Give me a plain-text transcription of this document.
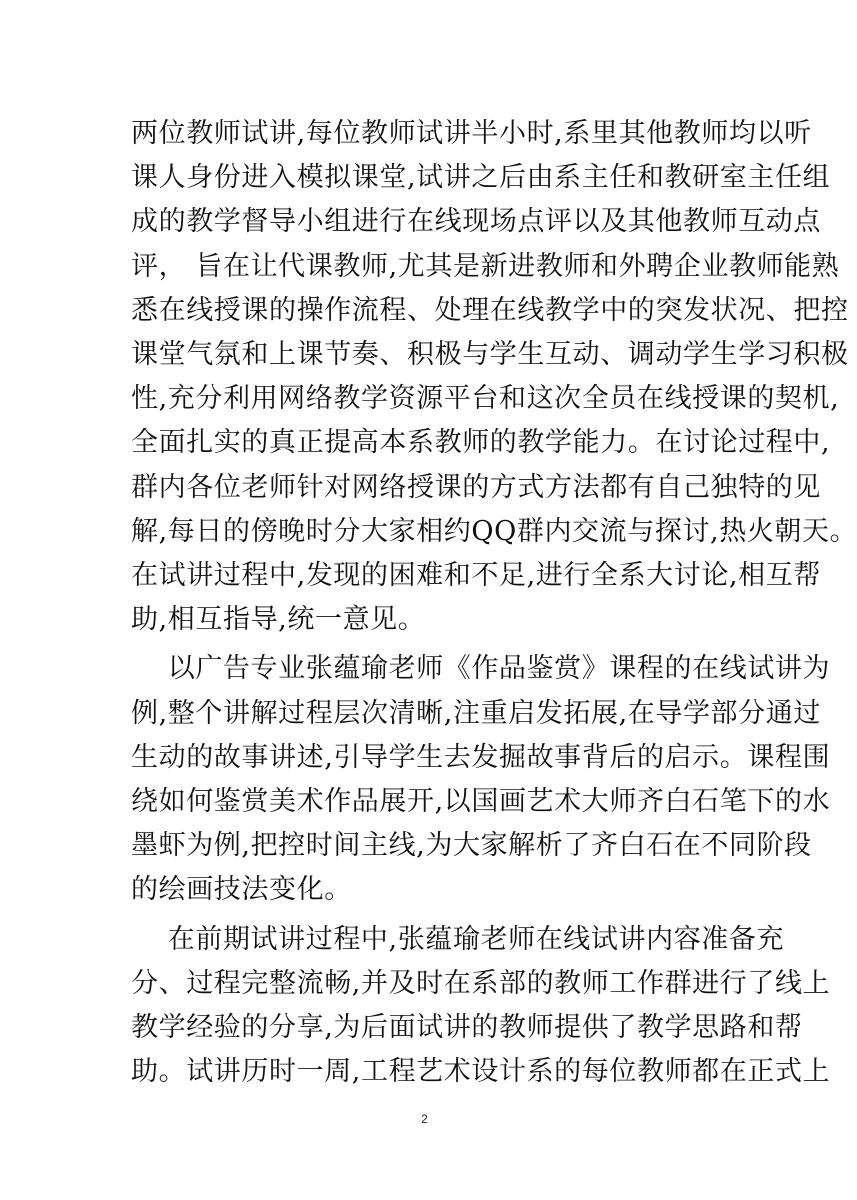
两位教师试讲,每位教师试讲半小时,系里其他教师均以听
课人身份进入模拟课堂,试讲之后由系主任和教研室主任组
成的教学督导小组进行在线现场点评以及其他教师互动点
评， 旨在让代课教师,尤其是新进教师和外聘企业教师能熟
悉在线授课的操作流程、处理在线教学中的突发状况、把控
课堂气氛和上课节奏、积极与学生互动、调动学生学习积极
性,充分利用网络教学资源平台和这次全员在线授课的契机,
全面扎实的真正提高本系教师的教学能力。在讨论过程中,
群内各位老师针对网络授课的方式方法都有自己独特的见
解,每日的傍晚时分大家相约QQ群内交流与探讨,热火朝天。
在试讲过程中,发现的困难和不足,进行全系大讨论,相互帮
助,相互指导,统一意见。
以广告专业张蕴瑜老师《作品鉴赏》课程的在线试讲为
例,整个讲解过程层次清晰,注重启发拓展,在导学部分通过
生动的故事讲述,引导学生去发掘故事背后的启示。课程围
绕如何鉴赏美术作品展开,以国画艺术大师齐白石笔下的水
墨虾为例,把控时间主线,为大家解析了齐白石在不同阶段
的绘画技法变化。
在前期试讲过程中,张蕴瑜老师在线试讲内容准备充
分、过程完整流畅,并及时在系部的教师工作群进行了线上
教学经验的分享,为后面试讲的教师提供了教学思路和帮
助。试讲历时一周,工程艺术设计系的每位教师都在正式上
2
